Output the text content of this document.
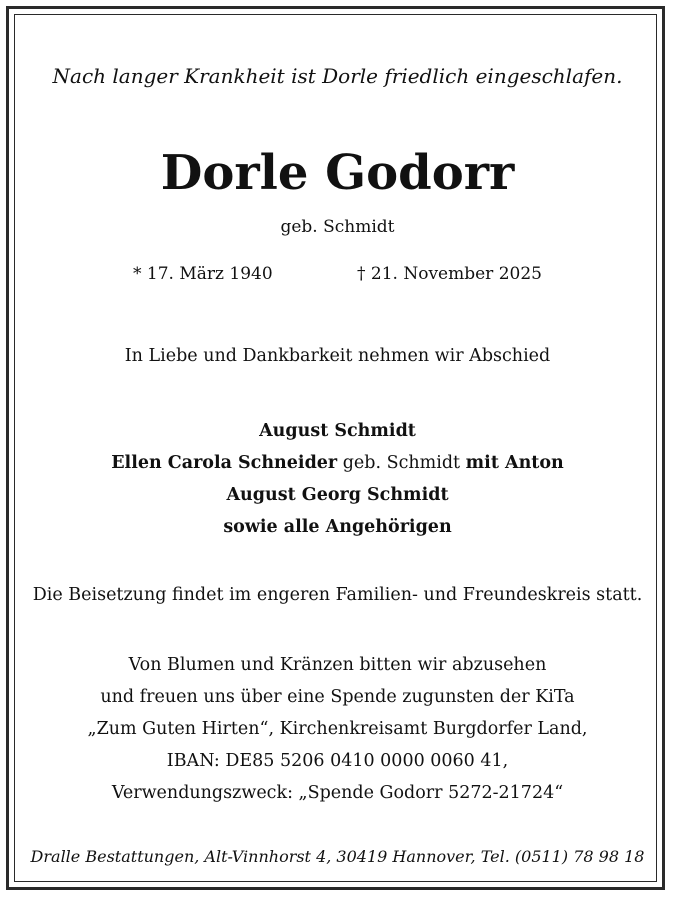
Nach langer Krankheit ist Dorle friedlich eingeschlafen.
Dorle Godorr
geb. Schmidt
* 17. März 1940	† 21. November 2025
In Liebe und Dankbarkeit nehmen wir Abschied
August Schmidt
Ellen Carola Schneider geb. Schmidt mit Anton
August Georg Schmidt
sowie alle Angehörigen
Die Beisetzung findet im engeren Familien- und Freundeskreis statt.
Von Blumen und Kränzen bitten wir abzusehen
und freuen uns über eine Spende zugunsten der KiTa
„Zum Guten Hirten“, Kirchenkreisamt Burgdorfer Land,
IBAN: DE85 5206 0410 0000 0060 41,
Verwendungszweck: „Spende Godorr 5272-21724“
Dralle Bestattungen, Alt-Vinnhorst 4, 30419 Hannover, Tel. (0511) 78 98 18
